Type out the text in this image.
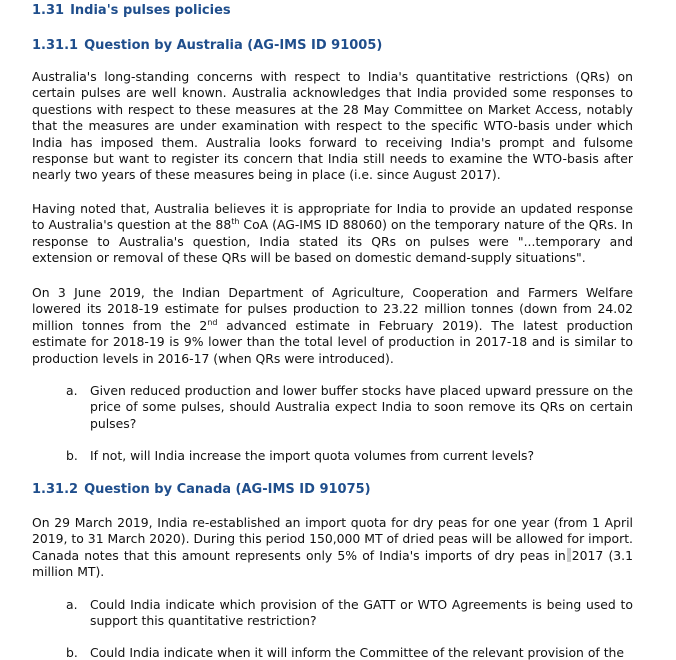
1.31 India's pulses policies
1.31.1 Question by Australia (AG-IMS ID 91005)

Australia's long-standing concerns with respect to India's quantitative restrictions (QRs) on certain pulses are well known. Australia acknowledges that India provided some responses to questions with respect to these measures at the 28 May Committee on Market Access, notably that the measures are under examination with respect to the specific WTO-basis under which India has imposed them. Australia looks forward to receiving India's prompt and fulsome response but want to register its concern that India still needs to examine the WTO-basis after nearly two years of these measures being in place (i.e. since August 2017).

Having noted that, Australia believes it is appropriate for India to provide an updated response to Australia's question at the 88th CoA (AG-IMS ID 88060) on the temporary nature of the QRs. In response to Australia's question, India stated its QRs on pulses were "...temporary and extension or removal of these QRs will be based on domestic demand-supply situations".

On 3 June 2019, the Indian Department of Agriculture, Cooperation and Farmers Welfare lowered its 2018-19 estimate for pulses production to 23.22 million tonnes (down from 24.02 million tonnes from the 2nd advanced estimate in February 2019). The latest production estimate for 2018-19 is 9% lower than the total level of production in 2017-18 and is similar to production levels in 2016-17 (when QRs were introduced).

a. Given reduced production and lower buffer stocks have placed upward pressure on the price of some pulses, should Australia expect India to soon remove its QRs on certain pulses?
b. If not, will India increase the import quota volumes from current levels?
1.31.2 Question by Canada (AG-IMS ID 91075)

On 29 March 2019, India re-established an import quota for dry peas for one year (from 1 April 2019, to 31 March 2020). During this period 150,000 MT of dried peas will be allowed for import. Canada notes that this amount represents only 5% of India's imports of dry peas in 2017 (3.1 million MT).

a. Could India indicate which provision of the GATT or WTO Agreements is being used to support this quantitative restriction?
b. Could India indicate when it will inform the Committee of the relevant provision of the
